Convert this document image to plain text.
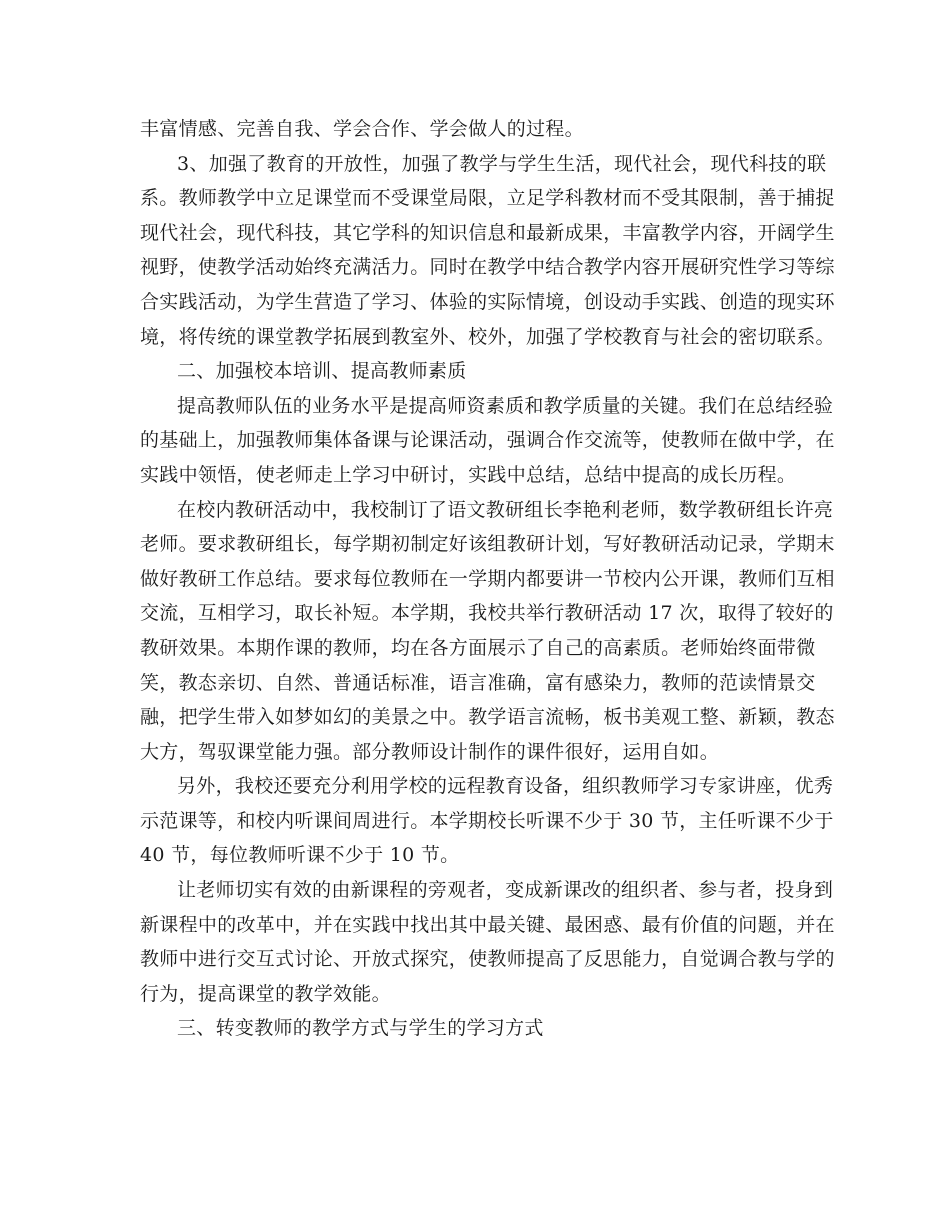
丰富情感、完善自我、学会合作、学会做人的过程。
3、加强了教育的开放性，加强了教学与学生生活，现代社会，现代科技的联
系。教师教学中立足课堂而不受课堂局限，立足学科教材而不受其限制，善于捕捉
现代社会，现代科技，其它学科的知识信息和最新成果，丰富教学内容，开阔学生
视野，使教学活动始终充满活力。同时在教学中结合教学内容开展研究性学习等综
合实践活动，为学生营造了学习、体验的实际情境，创设动手实践、创造的现实环
境，将传统的课堂教学拓展到教室外、校外，加强了学校教育与社会的密切联系。
二、加强校本培训、提高教师素质
提高教师队伍的业务水平是提高师资素质和教学质量的关键。我们在总结经验
的基础上，加强教师集体备课与论课活动，强调合作交流等，使教师在做中学，在
实践中领悟，使老师走上学习中研讨，实践中总结，总结中提高的成长历程。
在校内教研活动中，我校制订了语文教研组长李艳利老师，数学教研组长许亮
老师。要求教研组长，每学期初制定好该组教研计划，写好教研活动记录，学期末
做好教研工作总结。要求每位教师在一学期内都要讲一节校内公开课，教师们互相
交流，互相学习，取长补短。本学期，我校共举行教研活动 17 次，取得了较好的
教研效果。本期作课的教师，均在各方面展示了自己的高素质。老师始终面带微
笑，教态亲切、自然、普通话标准，语言准确，富有感染力，教师的范读情景交
融，把学生带入如梦如幻的美景之中。教学语言流畅，板书美观工整、新颖，教态
大方，驾驭课堂能力强。部分教师设计制作的课件很好，运用自如。
另外，我校还要充分利用学校的远程教育设备，组织教师学习专家讲座，优秀
示范课等，和校内听课间周进行。本学期校长听课不少于 30 节，主任听课不少于
40 节，每位教师听课不少于 10 节。
让老师切实有效的由新课程的旁观者，变成新课改的组织者、参与者，投身到
新课程中的改革中，并在实践中找出其中最关键、最困惑、最有价值的问题，并在
教师中进行交互式讨论、开放式探究，使教师提高了反思能力，自觉调合教与学的
行为，提高课堂的教学效能。
三、转变教师的教学方式与学生的学习方式
